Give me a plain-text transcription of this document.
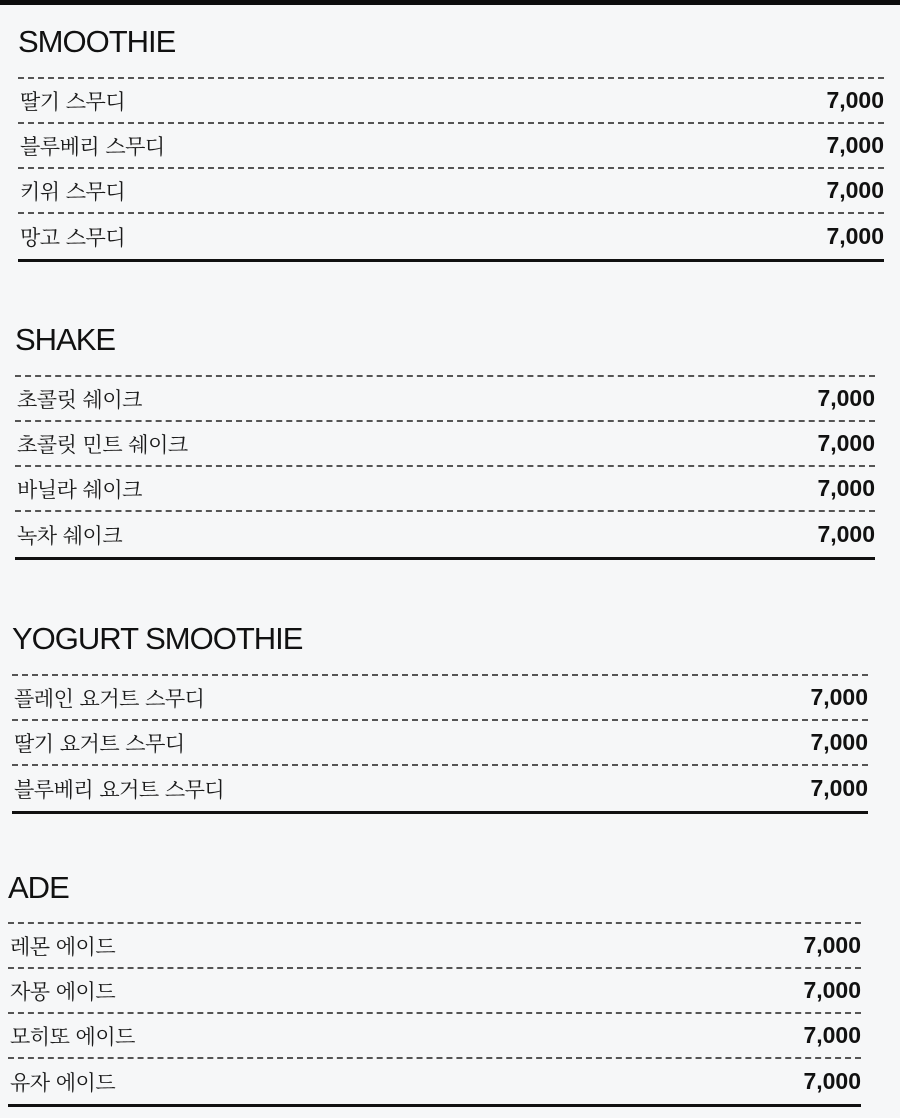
SMOOTHIE
딸기 스무디	7,000
블루베리 스무디	7,000
키위 스무디	7,000
망고 스무디	7,000
SHAKE
초콜릿 쉐이크	7,000
초콜릿 민트 쉐이크	7,000
바닐라 쉐이크	7,000
녹차 쉐이크	7,000
YOGURT SMOOTHIE
플레인 요거트 스무디	7,000
딸기 요거트 스무디	7,000
블루베리 요거트 스무디	7,000
ADE
레몬 에이드	7,000
자몽 에이드	7,000
모히또 에이드	7,000
유자 에이드	7,000
